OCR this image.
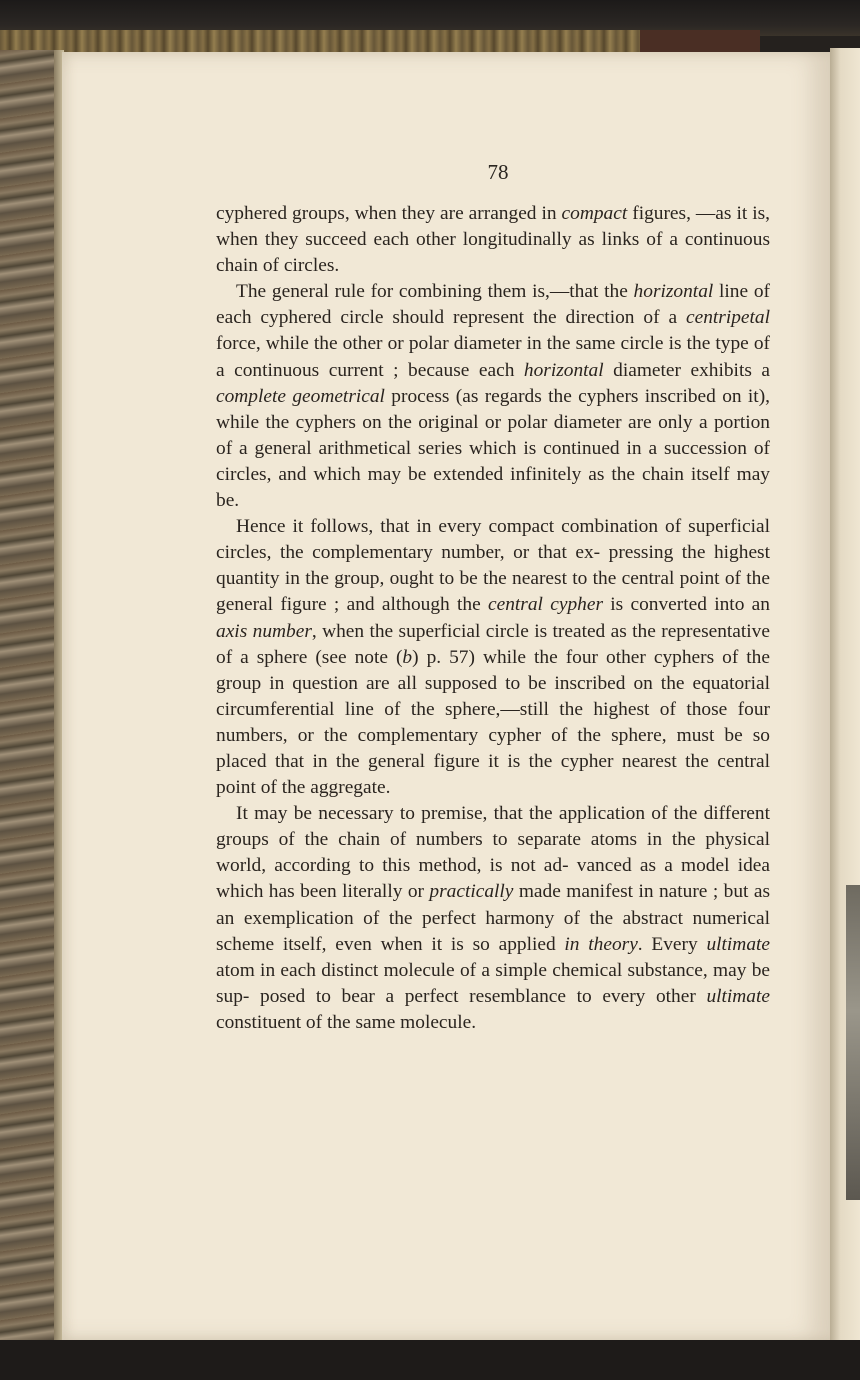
78

cyphered groups, when they are arranged in compact figures, —as it is, when they succeed each other longitudinally as links of a continuous chain of circles.

The general rule for combining them is,—that the horizontal line of each cyphered circle should represent the direction of a centripetal force, while the other or polar diameter in the same circle is the type of a continuous current ; because each horizontal diameter exhibits a complete geometrical process (as regards the cyphers inscribed on it), while the cyphers on the original or polar diameter are only a portion of a general arithmetical series which is continued in a succession of circles, and which may be extended infinitely as the chain itself may be.

Hence it follows, that in every compact combination of superficial circles, the complementary number, or that ex- pressing the highest quantity in the group, ought to be the nearest to the central point of the general figure ; and although the central cypher is converted into an axis number, when the superficial circle is treated as the representative of a sphere (see note (b) p. 57) while the four other cyphers of the group in question are all supposed to be inscribed on the equatorial circumferential line of the sphere,—still the highest of those four numbers, or the complementary cypher of the sphere, must be so placed that in the general figure it is the cypher nearest the central point of the aggregate.

It may be necessary to premise, that the application of the different groups of the chain of numbers to separate atoms in the physical world, according to this method, is not ad- vanced as a model idea which has been literally or practically made manifest in nature ; but as an exemplication of the perfect harmony of the abstract numerical scheme itself, even when it is so applied in theory. Every ultimate atom in each distinct molecule of a simple chemical substance, may be sup- posed to bear a perfect resemblance to every other ultimate constituent of the same molecule.
